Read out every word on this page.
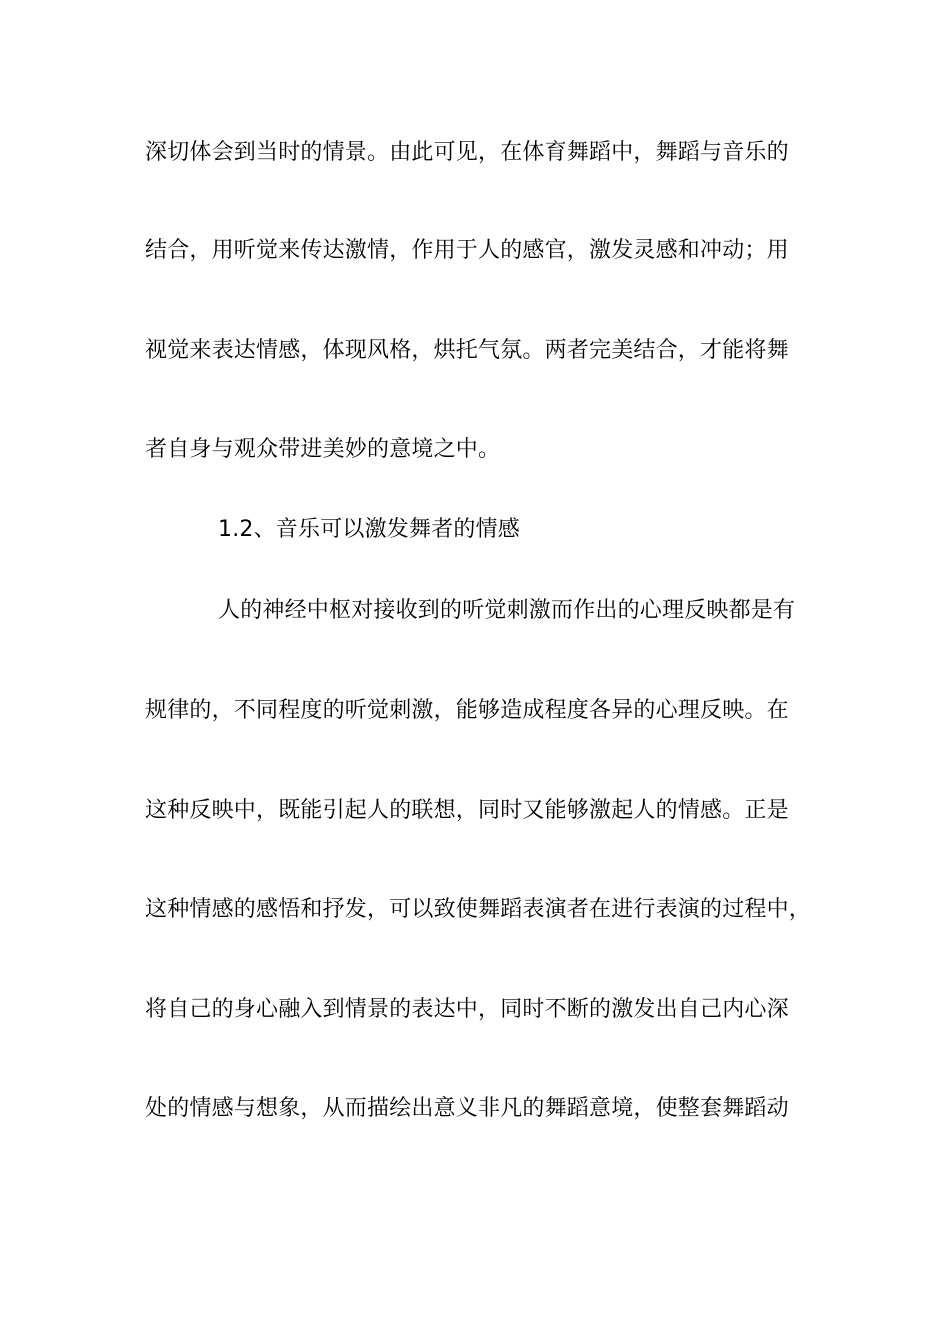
深切体会到当时的情景。由此可见，在体育舞蹈中，舞蹈与音乐的
结合，用听觉来传达激情，作用于人的感官，激发灵感和冲动；用
视觉来表达情感，体现风格，烘托气氛。两者完美结合，才能将舞
者自身与观众带进美妙的意境之中。
1.2、音乐可以激发舞者的情感
人的神经中枢对接收到的听觉刺激而作出的心理反映都是有
规律的，不同程度的听觉刺激，能够造成程度各异的心理反映。在
这种反映中，既能引起人的联想，同时又能够激起人的情感。正是
这种情感的感悟和抒发，可以致使舞蹈表演者在进行表演的过程中，
将自己的身心融入到情景的表达中，同时不断的激发出自己内心深
处的情感与想象，从而描绘出意义非凡的舞蹈意境，使整套舞蹈动
